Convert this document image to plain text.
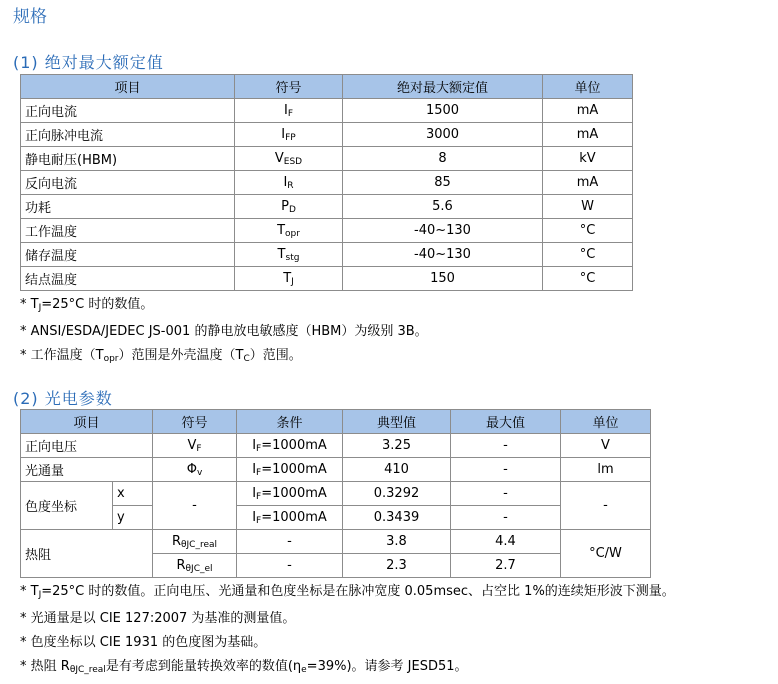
规格
(1) 绝对最大额定值
项目	符号	绝对最大额定值	单位
正向电流	$I_F$	1500	mA
正向脉冲电流	$I_{FP}$	3000	mA
静电耐压(HBM)	$V_{ESD}$	8	kV
反向电流	$I_R$	85	mA
功耗	$P_D$	5.6	W
工作温度	$T_{opr}$	-40~130	°C
储存温度	$T_{stg}$	-40~130	°C
结点温度	$T_J$	150	°C
* $T_J=25^\circ C$ 时的数值。
* ANSI/ESDA/JEDEC JS-001 的静电放电敏感度（HBM）为级别 3B。
* 工作温度$(T_{opr})$范围是外壳温度$(T_C)$范围。
(2) 光电参数
项目		符号	条件	典型值	最大值	单位
正向电压		$V_F$	$I_F=1000mA$	3.25	-	V
光通量		$\Phi_v$	$I_F=1000mA$	410	-	lm
色度坐标	x	-	$I_F=1000mA$	0.3292	-	-
	y		$I_F=1000mA$	0.3439	-	
热阻		$R_{\theta JC\_real}$	-	3.8	4.4	°C/W
		$R_{\theta JC\_el}$	-	2.3	2.7	
* $T_J=25^\circ C$ 时的数值。正向电压、光通量和色度坐标是在脉冲宽度 0.05msec、占空比 1%的连续矩形波下测量。
* 光通量是以 CIE 127:2007 为基准的测量值。
* 色度坐标以 CIE 1931 的色度图为基础。
* 热阻 $R_{\theta JC\_real}$是有考虑到能量转换效率的数值$(\eta_e=39\%)$。请参考 JESD51。
